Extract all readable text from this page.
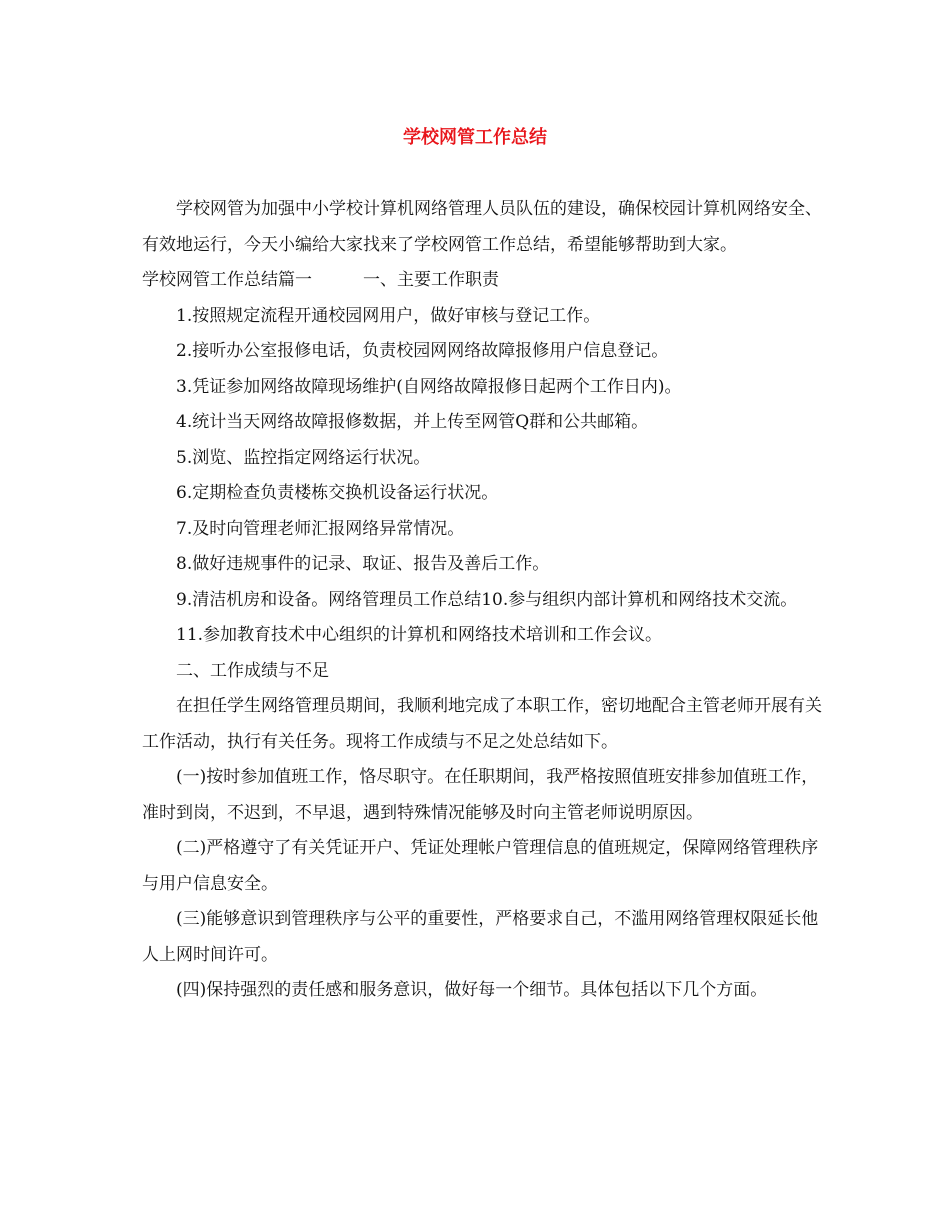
学校网管工作总结

学校网管为加强中小学校计算机网络管理人员队伍的建设，确保校园计算机网络安全、有效地运行，今天小编给大家找来了学校网管工作总结，希望能够帮助到大家。

学校网管工作总结篇一　　　一、主要工作职责

1.按照规定流程开通校园网用户，做好审核与登记工作。

2.接听办公室报修电话，负责校园网网络故障报修用户信息登记。

3.凭证参加网络故障现场维护(自网络故障报修日起两个工作日内)。

4.统计当天网络故障报修数据，并上传至网管Q群和公共邮箱。

5.浏览、监控指定网络运行状况。

6.定期检查负责楼栋交换机设备运行状况。

7.及时向管理老师汇报网络异常情况。

8.做好违规事件的记录、取证、报告及善后工作。

9.清洁机房和设备。网络管理员工作总结10.参与组织内部计算机和网络技术交流。

11.参加教育技术中心组织的计算机和网络技术培训和工作会议。

二、工作成绩与不足

在担任学生网络管理员期间，我顺利地完成了本职工作，密切地配合主管老师开展有关工作活动，执行有关任务。现将工作成绩与不足之处总结如下。

(一)按时参加值班工作，恪尽职守。在任职期间，我严格按照值班安排参加值班工作，准时到岗，不迟到，不早退，遇到特殊情况能够及时向主管老师说明原因。

(二)严格遵守了有关凭证开户、凭证处理帐户管理信息的值班规定，保障网络管理秩序与用户信息安全。

(三)能够意识到管理秩序与公平的重要性，严格要求自己，不滥用网络管理权限延长他人上网时间许可。

(四)保持强烈的责任感和服务意识，做好每一个细节。具体包括以下几个方面。
